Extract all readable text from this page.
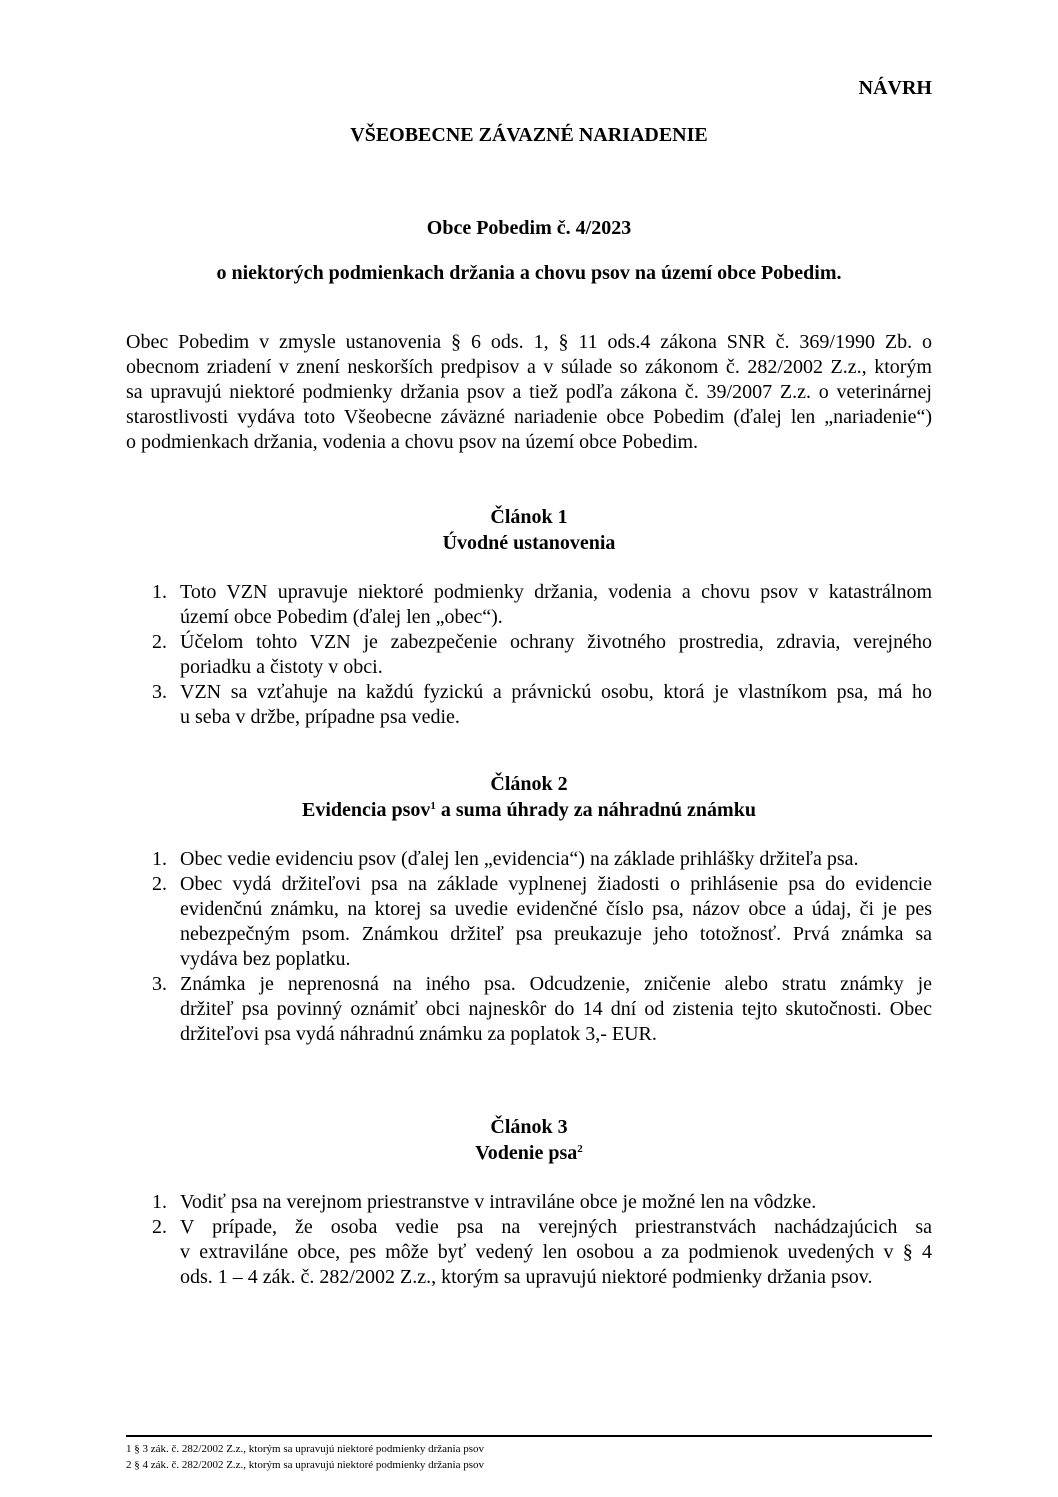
NÁVRH
VŠEOBECNE ZÁVAZNÉ NARIADENIE
Obce Pobedim č. 4/2023
o niektorých podmienkach držania a chovu psov na území obce Pobedim.
Obec Pobedim v zmysle ustanovenia § 6 ods. 1, § 11 ods.4 zákona SNR č. 369/1990 Zb. o
obecnom zriadení v znení neskorších predpisov a v súlade so zákonom č. 282/2002 Z.z., ktorým
sa upravujú niektoré podmienky držania psov a tiež podľa zákona č. 39/2007 Z.z. o veterinárnej
starostlivosti vydáva toto Všeobecne záväzné nariadenie obce Pobedim (ďalej len „nariadenie“)
o podmienkach držania, vodenia a chovu psov na území obce Pobedim.
Článok 1
Úvodné ustanovenia
1. Toto VZN upravuje niektoré podmienky držania, vodenia a chovu psov v katastrálnom
území obce Pobedim (ďalej len „obec“).
2. Účelom tohto VZN je zabezpečenie ochrany životného prostredia, zdravia, verejného
poriadku a čistoty v obci.
3. VZN sa vzťahuje na každú fyzickú a právnickú osobu, ktorá je vlastníkom psa, má ho
u seba v držbe, prípadne psa vedie.
Článok 2
Evidencia psov$^1$ a suma úhrady za náhradnú známku
1. Obec vedie evidenciu psov (ďalej len „evidencia“) na základe prihlášky držiteľa psa.
2. Obec vydá držiteľovi psa na základe vyplnenej žiadosti o prihlásenie psa do evidencie
evidenčnú známku, na ktorej sa uvedie evidenčné číslo psa, názov obce a údaj, či je pes
nebezpečným psom. Známkou držiteľ psa preukazuje jeho totožnosť. Prvá známka sa
vydáva bez poplatku.
3. Známka je neprenosná na iného psa. Odcudzenie, zničenie alebo stratu známky je
držiteľ psa povinný oznámiť obci najneskôr do 14 dní od zistenia tejto skutočnosti. Obec
držiteľovi psa vydá náhradnú známku za poplatok 3,- EUR.
Článok 3
Vodenie psa$^2$
1. Vodiť psa na verejnom priestranstve v intraviláne obce je možné len na vôdzke.
2. V prípade, že osoba vedie psa na verejných priestranstvách nachádzajúcich sa
v extraviláne obce, pes môže byť vedený len osobou a za podmienok uvedených v § 4
ods. 1 – 4 zák. č. 282/2002 Z.z., ktorým sa upravujú niektoré podmienky držania psov.
1 § 3 zák. č. 282/2002 Z.z., ktorým sa upravujú niektoré podmienky držania psov
2 § 4 zák. č. 282/2002 Z.z., ktorým sa upravujú niektoré podmienky držania psov
